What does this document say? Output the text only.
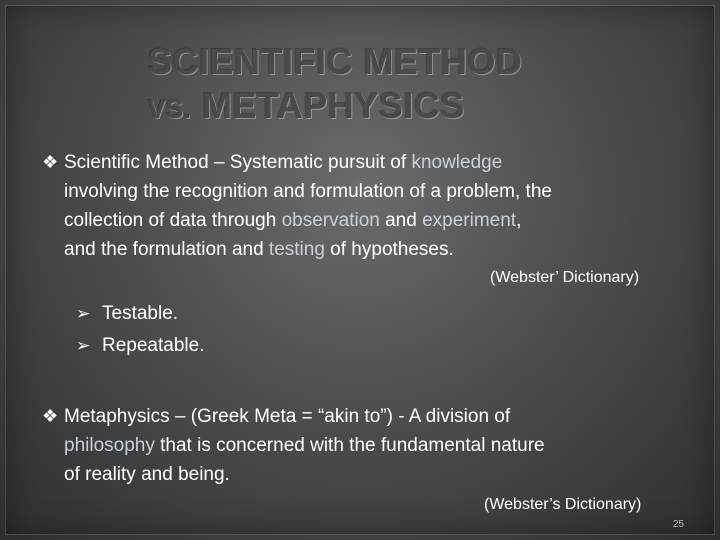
SCIENTIFIC METHOD
VS. METAPHYSICS
❖ Scientific Method – Systematic pursuit of knowledge
involving the recognition and formulation of a problem, the
collection of data through observation and experiment,
and the formulation and testing of hypotheses.
(Webster’ Dictionary)
➢ Testable.
➢ Repeatable.
❖ Metaphysics – (Greek Meta = “akin to”) - A division of
philosophy that is concerned with the fundamental nature
of reality and being.
(Webster’s Dictionary)
25
